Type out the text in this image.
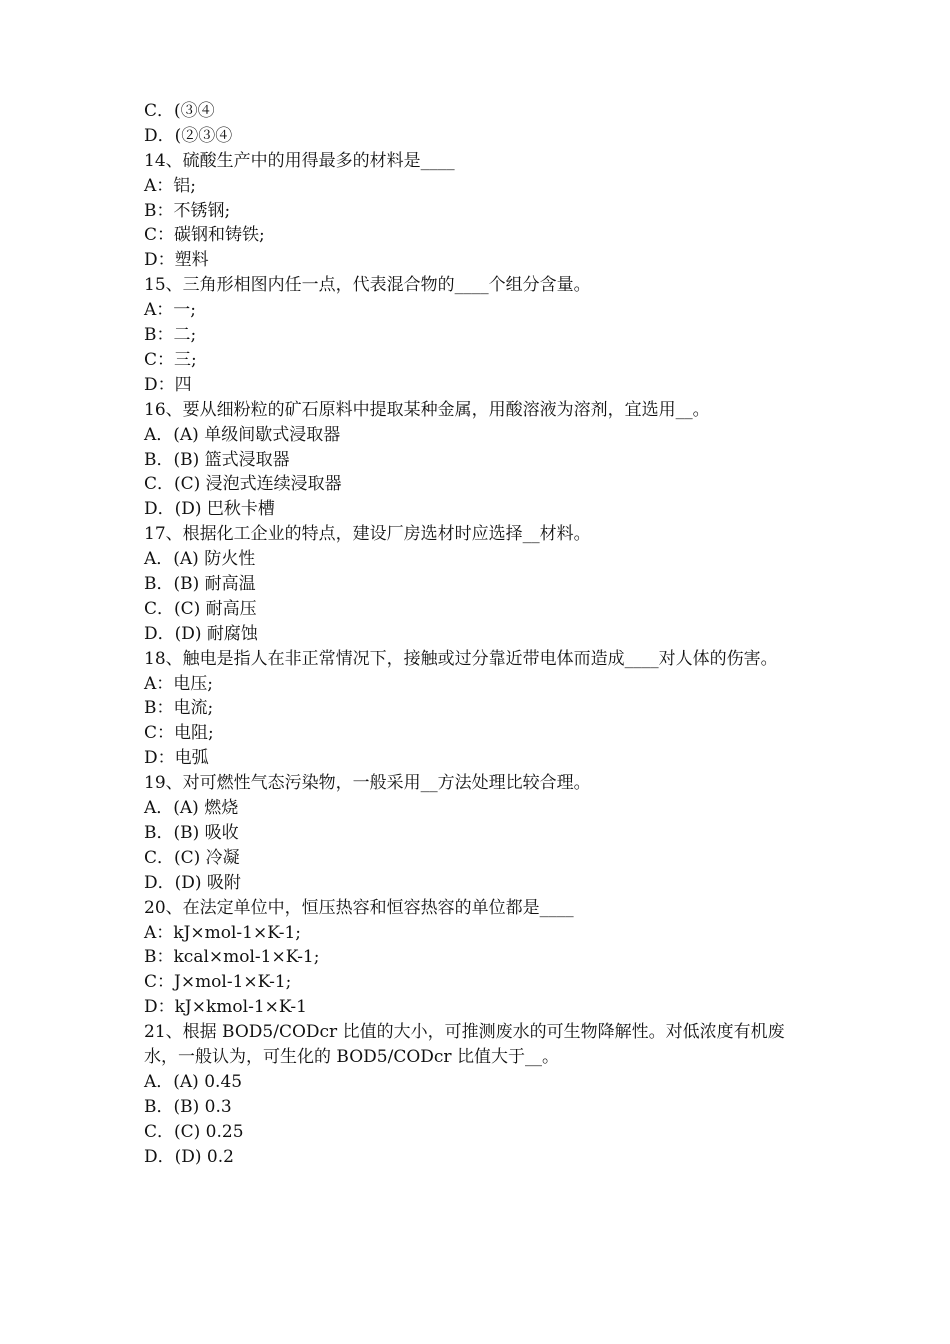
C．(③④
D．(②③④
14、硫酸生产中的用得最多的材料是____
A：铝;
B：不锈钢;
C：碳钢和铸铁;
D：塑料
15、三角形相图内任一点，代表混合物的____个组分含量。
A：一;
B：二;
C：三;
D：四
16、要从细粉粒的矿石原料中提取某种金属，用酸溶液为溶剂，宜选用__。
A．(A) 单级间歇式浸取器
B．(B) 篮式浸取器
C．(C) 浸泡式连续浸取器
D．(D) 巴秋卡槽
17、根据化工企业的特点，建设厂房选材时应选择__材料。
A．(A) 防火性
B．(B) 耐高温
C．(C) 耐高压
D．(D) 耐腐蚀
18、触电是指人在非正常情况下，接触或过分靠近带电体而造成____对人体的伤害。
A：电压;
B：电流;
C：电阻;
D：电弧
19、对可燃性气态污染物，一般采用__方法处理比较合理。
A．(A) 燃烧
B．(B) 吸收
C．(C) 冷凝
D．(D) 吸附
20、在法定单位中，恒压热容和恒容热容的单位都是____
A：kJ×mol-1×K-1;
B：kcal×mol-1×K-1;
C：J×mol-1×K-1;
D：kJ×kmol-1×K-1
21、根据 BOD5/CODcr 比值的大小，可推测废水的可生物降解性。对低浓度有机废水，一般认为，可生化的 BOD5/CODcr 比值大于__。
A．(A) 0.45
B．(B) 0.3
C．(C) 0.25
D．(D) 0.2
